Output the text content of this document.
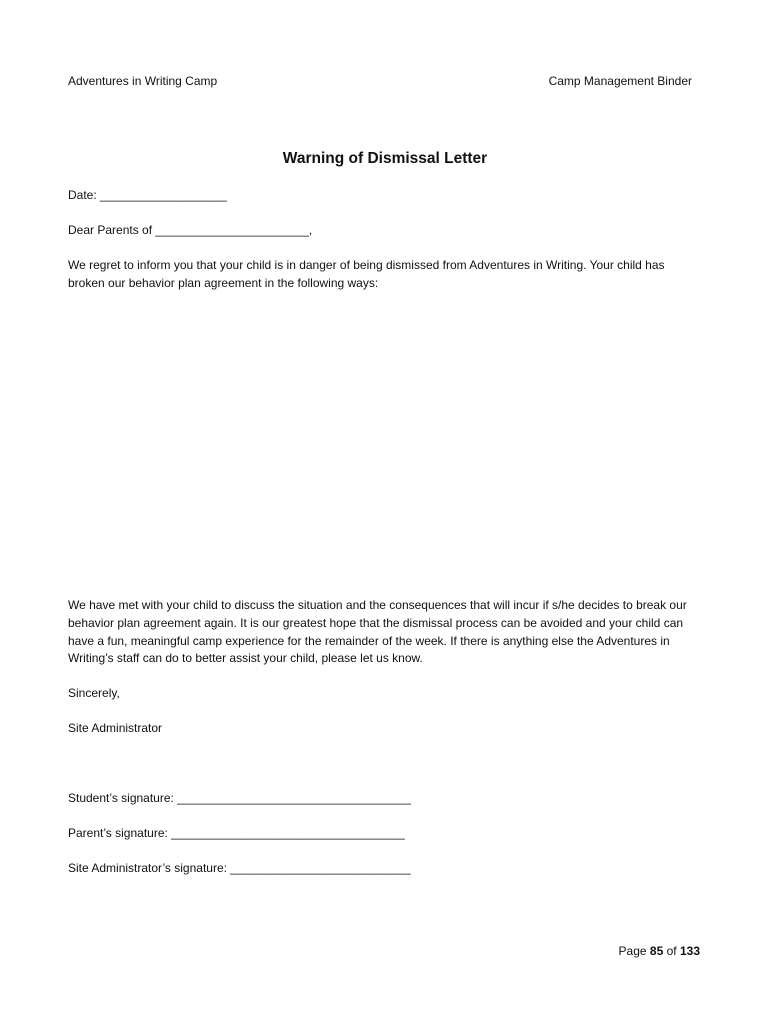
Adventures in Writing Camp	Camp Management Binder
Warning of Dismissal Letter
Date: ___________________
Dear Parents of _______________________,
We regret to inform you that your child is in danger of being dismissed from Adventures in Writing. Your child has broken our behavior plan agreement in the following ways:
We have met with your child to discuss the situation and the consequences that will incur if s/he decides to break our behavior plan agreement again. It is our greatest hope that the dismissal process can be avoided and your child can have a fun, meaningful camp experience for the remainder of the week. If there is anything else the Adventures in Writing’s staff can do to better assist your child, please let us know.
Sincerely,
Site Administrator
Student’s signature: ___________________________________
Parent’s signature: ___________________________________
Site Administrator’s signature: ___________________________
Page 85 of 133
